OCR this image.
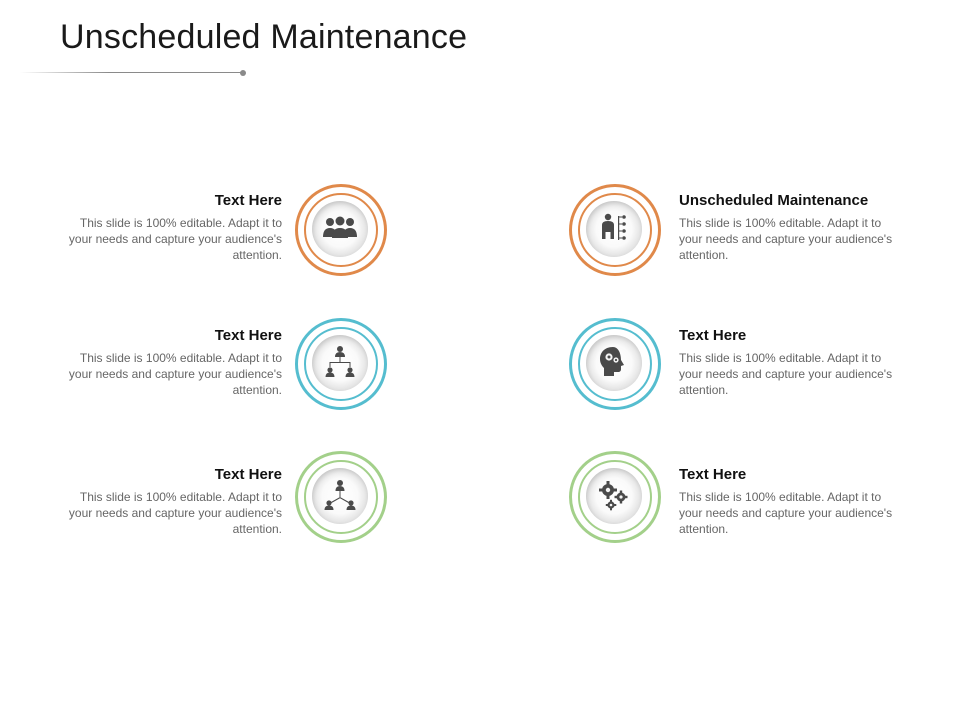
Unscheduled Maintenance

Text Here

This slide is 100% editable. Adapt it to your needs and capture your audience's attention.

Text Here

This slide is 100% editable. Adapt it to your needs and capture your audience's attention.

Text Here

This slide is 100% editable. Adapt it to your needs and capture your audience's attention.

Unscheduled Maintenance

This slide is 100% editable. Adapt it to your needs and capture your audience's attention.

Text Here

This slide is 100% editable. Adapt it to your needs and capture your audience's attention.

Text Here

This slide is 100% editable. Adapt it to your needs and capture your audience's attention.
